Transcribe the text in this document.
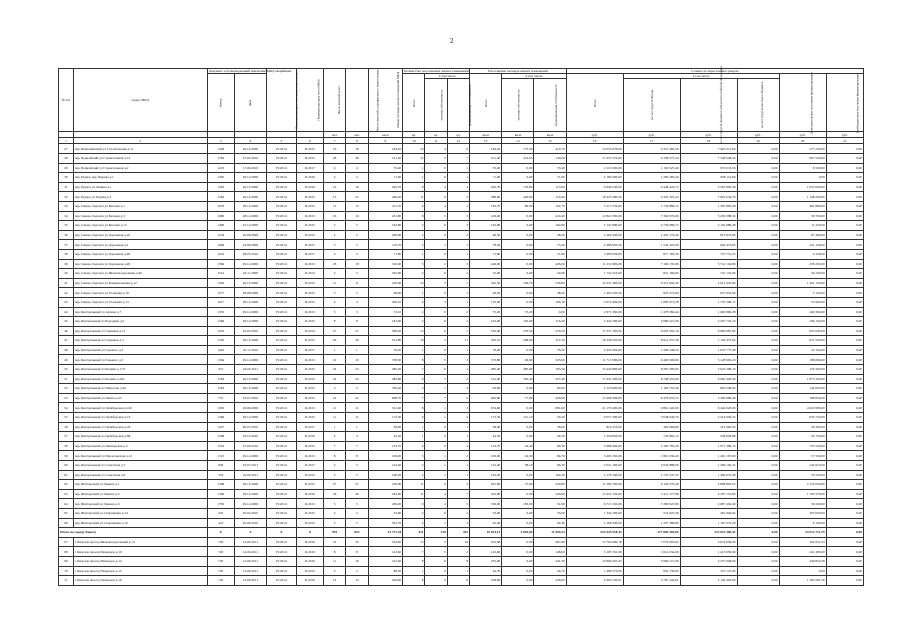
2
№ п/п	Адрес МКД	Документ, подтверждающий признание МКД аварийным		Планируемая дата окончания переселения	Планируемая дата сноса МКД	Число жителей всего	Число жителей, планируемых к переселению	Общая площадь жилых помещений МКД	Количество расселяемых жилых помещений			Расселяемая площадь жилых помещений			Стоимость переселения граждан					
		Номер	Дата						Всего	в том числе		Всего	в том числе		Всего	в том числе			Дополнительные источники финансирования	Внебюджетные источники финансирования
										частная собственность	муниципальная собственность		частная собственность	муниципальная собственность		за счет средств Фонда	за счет средств бюджета субъекта Российской Федерации	за счет средств местного бюджета		
						чел.	чел.	кв.м	ед.	ед.	ед.	кв.м	кв.м	кв.м	руб.	руб.	руб.	руб.	руб.	руб.
1	2	3	4	5	6	7	8	9	10	11	12	13	14	15	16	17	18	19	20	21
27	пер Первомайский ул Строительная д.11	1348	29.12.2006	IV.2014	II.2015	16	16	184,20	10	4	6	184,20	173,30	410,70	10 055 676,00	9 431 285,56	7 965 211,00	0,00	277 230,00	0,00
28	пер Подвойский ул Строительная д.12	1782	27.02.2010	IV.2014	II.2015	28	28	511,40	12	5	7	511,40	414,05	130,00	17 453 710,00	9 138 575,44	7 548 546,56	0,00	667 550,00	0,00
29	пер Подвойский ул Строительная д.2	1223	17.09.2010	IV.2014	II.2017	4	4	70,40	1	0	1	70,40	0,00	70,40	2 110 200,00	1 192 525,40	972 074,56	0,00	6 500,00	0,00
30	пер Рудное пер Зверева д.1	1365	29.12.2006	IV.2014	II.2016	4	4	71,00	1	0	1	71,00	0,00	71,00	2 169 300,00	1 260 395,40	908 114,60	0,00	0,00	0,00
31	пер Рудное ул Ленина д.1	1363	29.12.2006	IV.2014	II.2016	19	19	292,70	8	4	4	292,70	176,80	115,90	9 649 230,00	4 448 424,72	3 563 805,28	0,00	1 637 000,00	0,00
32	пер Рудное ул Рудная д.4	1364	29.12.2006	IV.2014	II.2015	13	23	296,20	11	6	4	588,90	426,60	119,40	18 425 580,00	9 455 325,24	7 822 054,76	0,00	1 148 200,00	0,00
33	пер Северо-Задонск ул Беговая д.1	1679	28.12.2006	IV.2014	II.2015	13	13	411,70	6	4	2	182,70	80,00	102,70	5 217 570,00	1 759 880,72	1 595 805,28	0,00	481 880,00	0,00
34	пер Северо-Задонск ул Беговая д.3	1680	28.12.2006	IV.2014	II.2015	16	16	451,80	8	5	3	419,40	0,00	419,40	12 822 390,00	7 362 970,66	5 459 388,34	0,00	39 700,00	0,00
35	пер Северо-Задонск ул Беговая д.12	1496	25.12.2009	IV.2014	II.2015	5	5	162,80	3	0	3	162,80	0,00	162,80	5 147 680,00	2 736 680,72	2 102 689,28	0,00	11 220,00	0,00
36	пер Северо-Задонск ул Дорожная д.16	1234	26.06.2009	IV.2014	II.2015	2	2	200,00	2	0	2	48,50	0,00	48,50	2 262 450,00	1 455 176,40	815 872,60	0,00	87 460,00	0,00
37	пер Северо-Задонск ул Дорожная д.2	1066	24.09.2009	IV.2014	II.2017	3	3	110,70	2	1	1	78,30	0,00	73,30	2 488 950,00	1 544 322,00	904 473,63	0,00	231 156,00	0,00
38	пер Северо-Задонск ул Дорожная д.28	1032	28.05.2010	IV.2014	II.2017	3	3	71,80	1	0	1	71,80	0,00	71,80	1 985 056,00	877 183,40	737 731,23	0,00	9 156,00	0,00
39	пер Северо-Задонск ул Дорожная д.48	1566	29.12.2006	IV.2014	II.2015	18	18	310,00	5	2	3	426,00	0,00	426,00	11 231 806,00	7 166 135,98	5 741 104,80	0,00	258 295,00	0,00
40	пер Северо-Задонск ул Железнодорожная д.46	1314	22.11.2009	IV.2014	II.2014	3	3	345,90	2	0	2	52,00	0,00	52,00	1 752 210,00	831 160,60	741 132,60	0,00	34 230,00	0,00
41	пер Северо-Задонск ул Коммунальная д.12	1362	29.12.2006	IV.2014	II.2015	11	11	410,00	10	3	7	342,50	106,70	236,80	10 231 400,00	6 312 904,40	2 612 445,60	0,00	1 401 150,00	0,00
42	пер Северо-Задонск ул Угольная д.10	1377	28.08.2009	IV.2014	II.2015	3	3	98,00	1	0	1	48,50	0,00	48,50	1 463 250,00	825 273,00	637 932,00	0,00	5 150,00	0,00
43	пер Северо-Задонск ул Угольная д.13	1617	28.12.2009	IV.2014	II.2015	4	4	300,10	4	3	1	170,00	0,00	106,10	3 674 409,00	1 685 973,28	1 735 596,72	0,00	55 900,00	0,00
44	пер Центральный ул Артема д.7	1355	29.12.2006	IV.2014	II.2015	3	3	72,10	2	0	2	75,20	75,20	0,00	2 971 360,00	1 478 382,44	1 602 866,28	0,00	249 360,00	0,00
45	пер Центральный ул Бородина д.5	1366	29.12.2006	IV.2014	II.2015	8	8	181,90	2	0	2	102,00	102,00	116,40	3 424 760,00	2 080 221,00	2 407 733,16	0,00	166 134,00	0,00
46	пер Центральный ул Горняков д.13	1453	22.03.2010	IV.2014	II.2014	27	27	598,20	13	6	7	550,00	270,50	279,50	17 337 195,00	9 603 562,16	6 809 687,84	0,00	923 945,00	0,00
47	пер Центральный ул Горняков д.5	1350	29.12.2006	IV.2014	II.2015	29	29	521,80	16	5	11	520,10	208,00	312,10	18 346 250,00	8 914 237,36	7 149 472,64	0,00	672 500,00	0,00
48	пер Центральный ул Горького д.3	1443	25.11.2010	IV.2014	II.2017	1	1	76,20	1	0	1	76,20	0,00	76,20	2 345 450,00	1 299 348,52	1 023 777,48	0,00	22 324,00	0,00
49	пер Центральный ул Горького д.5	1364	29.12.2006	IV.2014	II.2015	19	19	378,50	8	5	3	373,80	49,90	323,90	11 715 586,00	6 400 506,80	5 128 995,20	0,00	186 084,00	0,00
50	пер Центральный ул Калина д.1/73	351	24.02.2011	IV.2014	II.2015	24	24	485,40	7	6	1	485,40	385,90	103,50	13 444 800,00	8 287 200,95	5 023 296,16	0,00	134 300,00	0,00
51	пер Центральный ул Калина д.202	1584	29.12.2006	IV.2014	II.2015	24	24	484,80	9	7	2	512,90	185,40	327,40	17 441 200,00	8 708 455,60	6 962 440,40	0,00	1 875 300,00	0,00
52	пер Центральный ул Пирогова д.26	1364	29.12.2006	IV.2014	II.2015	5	5	356,20	5	1	4	64,00	0,00	64,00	2 123 600,00	1 163 755,40	803 549,60	0,00	142 695,00	0,00
53	пер Центральный ул Пиона д.23	751	25.07.2010	IV.2014	II.2015	22	22	608,70	7	7	0	462,80	77,90	426,90	13 468 596,00	8 479 633,52	5 390 696,48	0,00	188 856,00	0,00
54	пер Центральный ул Октябрьская д.102	1305	26.09.2006	IV.2014	II.2015	11	11	321,40	8	1	3	674,60	0,00	681,60	21 170 400,00	9 861 443,00	6 444 020,00	0,00	4 645 985,00	0,00
55	пер Центральный ул Октябрьская д.16	1366	29.12.2006	IV.2014	II.2015	11	11	172,30	6	1	4	172,30	121,10	50,20	6 057 300,00	3 048 040,76	2 416 039,24	0,00	633 750,00	0,00
56	пер Центральный ул Октябрьская д.26	1457	09.07.2010	IV.2014	II.2017	1	1	38,00	1	0	1	38,00	0,00	38,00	814 310,00	362 066,80	314 962,50	0,00	28 300,00	0,00
57	пер Центральный ул Октябрьская д.88	1208	19.12.2010	IV.2014	II.2016	4	4	44,30	1	0	1	44,30	0,00	44,30	1 350 856,00	743 865,12	558 629,88	0,00	43 750,00	0,00
58	пер Центральный ул Пионерская д.3	1354	27.09.2010	IV.2014	II.2015	7	7	133,70	4	0	4	133,70	44,40	89,30	3 988 400,00	2 165 785,26	1 071 389,74	0,00	733 550,00	0,00
59	пер Центральный ул Пролетарская д.12	1313	29.12.2006	IV.2014	II.2015	8	8	109,00	3	1	2	109,00	24,30	84,70	3 409 150,00	1 861 936,40	1 491 167,60	0,00	57 550,00	0,00
60	пер Центральный ул Советская д.7	936	03.07.2013	IV.2014	II.2017	3	3	122,40	2	1	1	122,40	38,10	84,30	4 021 100,00	2 642 888,00	1 296 192,32	0,00	242 910,00	0,00
61	пер Центральный ул Советская д.9	354	24.02.2011	IV.2014	II.2015	5	5	100,20	2	1	1	102,20	0,00	102,20	3 178 100,00	1 747 547,32	1 400 072,48	0,00	30 250,00	0,00
62	пер Шахтерский ул Ленина д.1	1368	29.12.2006	IV.2014	II.2015	27	27	250,90	11	6	5	261,80	37,00	224,80	11 282 700,00	6 120 576,48	4 868 803,52	0,00	2 152 650,00	0,00
63	пер Шахтерский ул Ленина д.3	1369	29.12.2006	IV.2014	II.2016	26	26	343,90	11	4	7	343,90	0,00	343,90	13 453 150,00	5 411 177,96	4 307 153,84	0,00	1 796 370,00	0,00
64	пер Шахтерский ул Ленина д.6	1765	29.12.2006	IV.2014	II.2015	5	5	209,20	9	4	5	330,00	183,00	51,90	6 713 150,00	3 399 947,80	2 687 402,40	0,00	30 200,00	0,00
65	пер Шахтерский ул Спортивная д.14	423	02.04.2010	IV.2014	II.2015	4	4	33,00	2	0	2	33,00	0,00	33,00	1 342 200,00	572 625,36	461 946,64	0,00	307 630,00	0,00
66	пер Шахтерский ул Спортивная д.10	423	02.04.2010	IV.2014	II.2015	5	5	301,70	4	1	3	92,40	0,00	92,40	2 168 300,00	1 297 389,80	1 167 073,20	0,00	6 160,00	0,00
Итого по городу Кизелу		Х	Х	Х	Х	870	853	23 771,34	421	128	292	16 834,13	4 659,60	11 994,53	524 525 918,43	277 882 300,85	222 623 385,43	0,00	23 012 771,25	0,00
67	г Кизелов проезд Железнодорожный д.14	720	14.09.2011	IV.2014	II.2016	32	33	554,60	15	5	10	472,08	0,00	407,80	13 763 960,18	7 070 003,62	3 674 059,00	0,00	302 951,43	0,00
68	г Кизелов проезд Пионеров д.10	720	14.09.2011	IV.2014	II.2016	8	8	143,60	7	5	2	143,60	0,00	148,60	3 165 761,00	1 614 234,00	1 413 059,00	0,00	241 485,00	0,00
69	г Кизелов проезд Пионеров д.14	720	14.09.2011	IV.2014	II.2016	11	19	412,30	8	0	8	235,00	0,00	341,30	10 860 455,43	5 966 721,60	4 257 638,00	0,00	349 853,26	0,00
70	г Кизелов проезд Пионеров д.15	720	14.09.2011	IV.2014	II.2015	3	3	88,30	1	0	1	44,70	0,00	44,70	1 489 573,00	832 739,00	347 147,00	0,00	0,00	0,00
71	г Кизелов проезд Пионеров д.16	720	14.09.2011	IV.2014	II.2016	14	14	404,00	8	0	8	238,00	0,00	226,00	6 404 720,01	3 781 244,61	2 140 402,60	0,00	1 300 281,50	0,00
